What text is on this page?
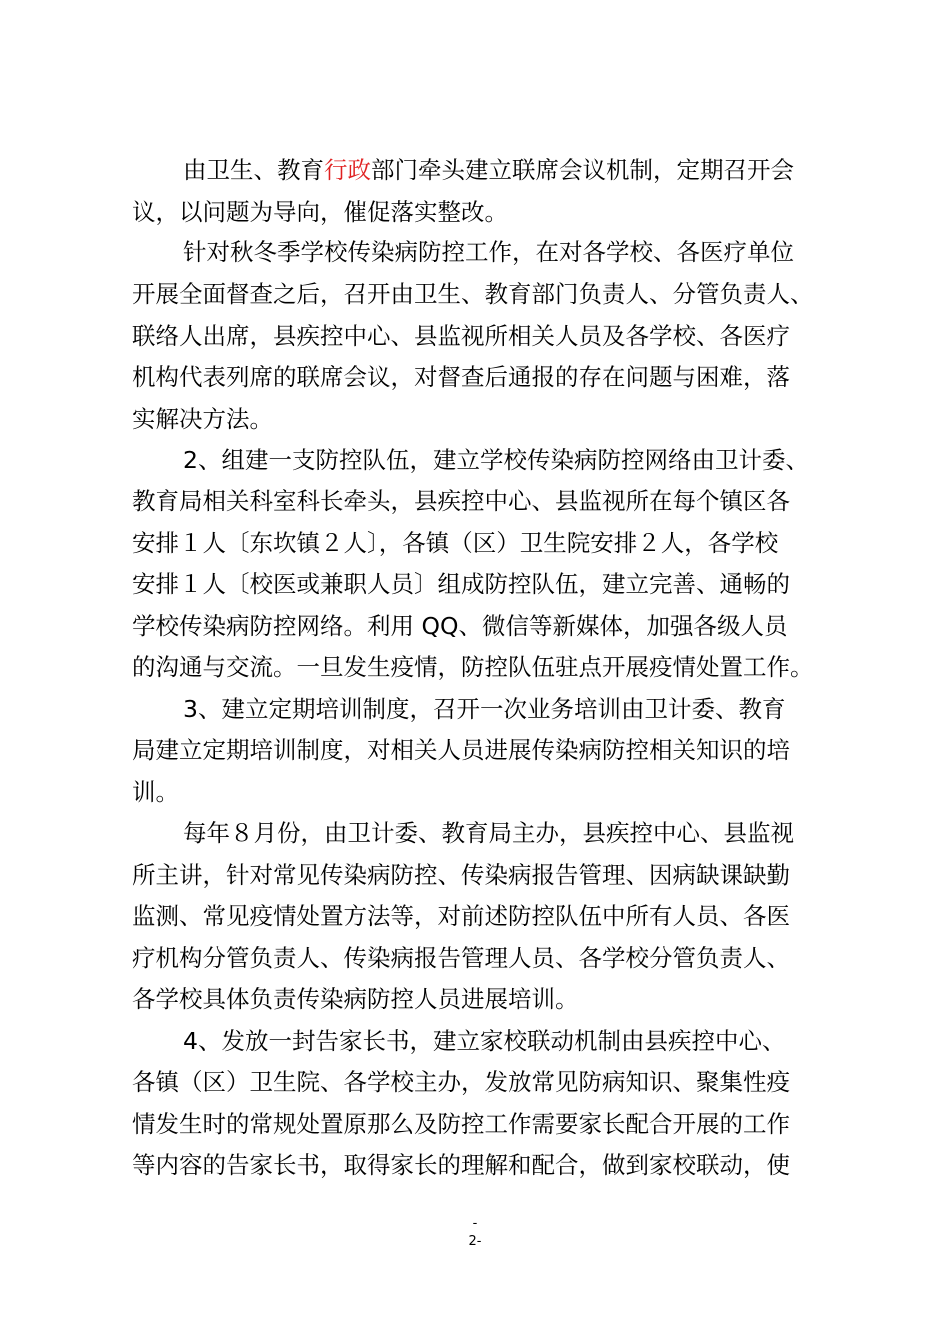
由卫生、教育行政部门牵头建立联席会议机制，定期召开会
议，以问题为导向，催促落实整改。
针对秋冬季学校传染病防控工作，在对各学校、各医疗单位
开展全面督查之后，召开由卫生、教育部门负责人、分管负责人、
联络人出席，县疾控中心、县监视所相关人员及各学校、各医疗
机构代表列席的联席会议，对督查后通报的存在问题与困难，落
实解决方法。
2、组建一支防控队伍，建立学校传染病防控网络由卫计委、
教育局相关科室科长牵头，县疾控中心、县监视所在每个镇区各
安排１人〔东坎镇２人〕，各镇（区）卫生院安排２人，各学校
安排１人〔校医或兼职人员〕组成防控队伍，建立完善、通畅的
学校传染病防控网络。利用 QQ、微信等新媒体，加强各级人员
的沟通与交流。一旦发生疫情，防控队伍驻点开展疫情处置工作。
3、建立定期培训制度，召开一次业务培训由卫计委、教育
局建立定期培训制度，对相关人员进展传染病防控相关知识的培
训。
每年８月份，由卫计委、教育局主办，县疾控中心、县监视
所主讲，针对常见传染病防控、传染病报告管理、因病缺课缺勤
监测、常见疫情处置方法等，对前述防控队伍中所有人员、各医
疗机构分管负责人、传染病报告管理人员、各学校分管负责人、
各学校具体负责传染病防控人员进展培训。
4、发放一封告家长书，建立家校联动机制由县疾控中心、
各镇（区）卫生院、各学校主办，发放常见防病知识、聚集性疫
情发生时的常规处置原那么及防控工作需要家长配合开展的工作
等内容的告家长书，取得家长的理解和配合，做到家校联动，使
-
2-
